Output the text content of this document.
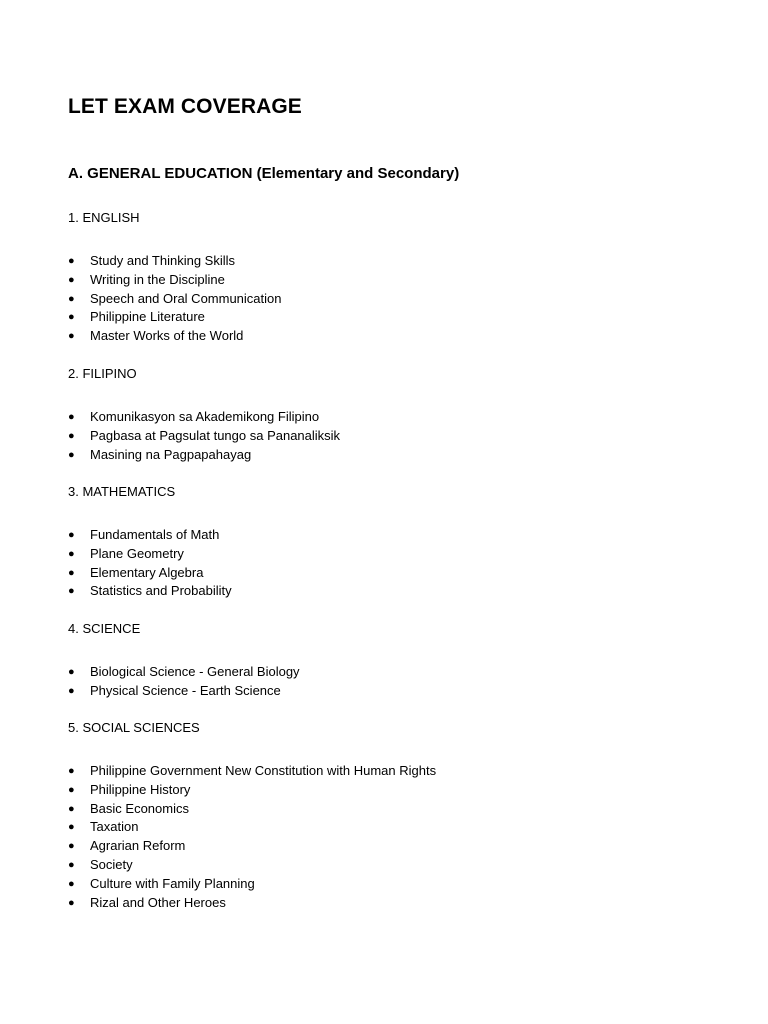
LET EXAM COVERAGE
A. GENERAL EDUCATION (Elementary and Secondary)
1. ENGLISH
● Study and Thinking Skills
● Writing in the Discipline
● Speech and Oral Communication
● Philippine Literature
● Master Works of the World
2. FILIPINO
● Komunikasyon sa Akademikong Filipino
● Pagbasa at Pagsulat tungo sa Pananaliksik
● Masining na Pagpapahayag
3. MATHEMATICS
● Fundamentals of Math
● Plane Geometry
● Elementary Algebra
● Statistics and Probability
4. SCIENCE
● Biological Science - General Biology
● Physical Science - Earth Science
5. SOCIAL SCIENCES
● Philippine Government New Constitution with Human Rights
● Philippine History
● Basic Economics
● Taxation
● Agrarian Reform
● Society
● Culture with Family Planning
● Rizal and Other Heroes
